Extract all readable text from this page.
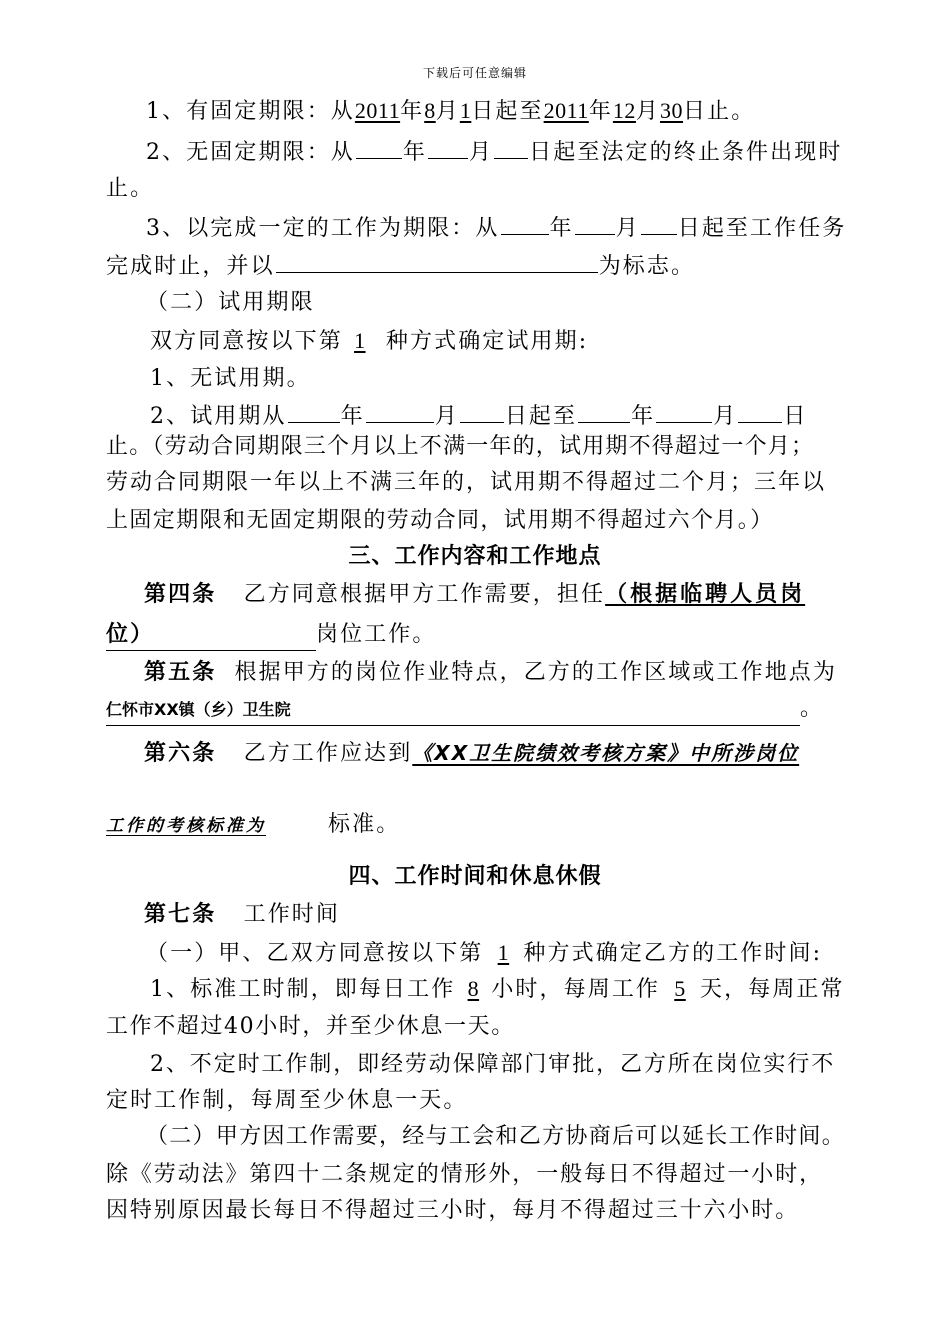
下载后可任意编辑
1、有固定期限：从2011年8月1日起至2011年12月30日止。
2、无固定期限：从 年 月 日起至法定的终止条件出现时
止。
3、以完成一定的工作为期限：从 年 月 日起至工作任务
完成时止，并以	为标志。
（二）试用期限
双方同意按以下第 1 种方式确定试用期:
1、无试用期。
2、试用期从 年	月 日起至 年	月 日
止。（劳动合同期限三个月以上不满一年的，试用期不得超过一个月；
劳动合同期限一年以上不满三年的，试用期不得超过二个月；三年以
上固定期限和无固定期限的劳动合同，试用期不得超过六个月。）
三、工作内容和工作地点
第四条 乙方同意根据甲方工作需要，担任（根据临聘人员岗
位）	岗位工作。
第五条 根据甲方的岗位作业特点，乙方的工作区域或工作地点为
仁怀市XX镇（乡）卫生院	。
第六条 乙方工作应达到《XX卫生院绩效考核方案》中所涉岗位
工作的考核标准为	标准。
四、工作时间和休息休假
第七条 工作时间
（一）甲、乙双方同意按以下第 1 种方式确定乙方的工作时间:
1、标准工时制，即每日工作 8 小时，每周工作 5 天，每周正常
工作不超过40小时，并至少休息一天。
2、不定时工作制，即经劳动保障部门审批，乙方所在岗位实行不
定时工作制，每周至少休息一天。
（二）甲方因工作需要，经与工会和乙方协商后可以延长工作时间。
除《劳动法》第四十二条规定的情形外，一般每日不得超过一小时，
因特别原因最长每日不得超过三小时，每月不得超过三十六小时。
